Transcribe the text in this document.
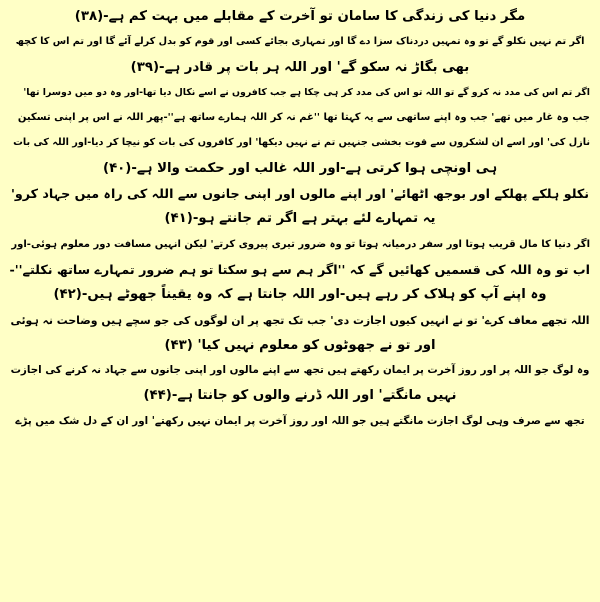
مگر دنیا کی زندگی کا سامان تو آخرت کے مقابلے میں بہت کم ہے-(۳۸)
اگر تم نہیں نکلو گے تو وہ تمہیں دردناک سزا دے گا اور تمہاری بجائے کسی اور قوم کو بدل کرلے آئے گا اور تم اس کا کچھ
بھی بگاڑ نہ سکو گے' اور اللہ ہر بات پر قادر ہے-(۳۹)
اگر تم اس کی مدد نہ کرو گے تو اللہ تو اس کی مدد کر ہی چکا ہے جب کافروں نے اسے نکال دیا تھا-اور وہ دو میں دوسرا تھا'
جب وہ غار میں تھے' جب وہ اپنے ساتھی سے یہ کہتا تھا ''غم نہ کر اللہ ہمارے ساتھ ہے''-پھر اللہ نے اس پر اپنی تسکین
نازل کی' اور اسے ان لشکروں سے قوت بخشی جنہیں تم نے نہیں دیکھا' اور کافروں کی بات کو نیچا کر دیا-اور اللہ کی بات
ہی اونچی ہوا کرتی ہے-اور اللہ غالب اور حکمت والا ہے-(۴۰)
نکلو ہلکے پھلکے اور بوجھ اٹھائے' اور اپنے مالوں اور اپنی جانوں سے اللہ کی راہ میں جہاد کرو'
یہ تمہارے لئے بہتر ہے اگر تم جانتے ہو-(۴۱)
اگر دنیا کا مال قریب ہوتا اور سفر درمیانہ ہوتا تو وہ ضرور تیری پیروی کرتے' لیکن انہیں مسافت دور معلوم ہوئی-اور
اب تو وہ اللہ کی قسمیں کھائیں گے کہ ''اگر ہم سے ہو سکتا تو ہم ضرور تمہارے ساتھ نکلتے''-
وہ اپنے آپ کو ہلاک کر رہے ہیں-اور اللہ جانتا ہے کہ وہ یقیناً جھوٹے ہیں-(۴۲)
اللہ تجھے معاف کرے' تو نے انہیں کیوں اجازت دی' جب تک تجھ پر ان لوگوں کی جو سچے ہیں وضاحت نہ ہوئی
اور تو نے جھوٹوں کو معلوم نہیں کیا' (۴۳)
وہ لوگ جو اللہ پر اور روز آخرت پر ایمان رکھتے ہیں تجھ سے اپنے مالوں اور اپنی جانوں سے جہاد نہ کرنے کی اجازت
نہیں مانگتے' اور اللہ ڈرنے والوں کو جانتا ہے-(۴۴)
تجھ سے صرف وہی لوگ اجازت مانگتے ہیں جو اللہ اور روز آخرت پر ایمان نہیں رکھتے' اور ان کے دل شک میں پڑے
